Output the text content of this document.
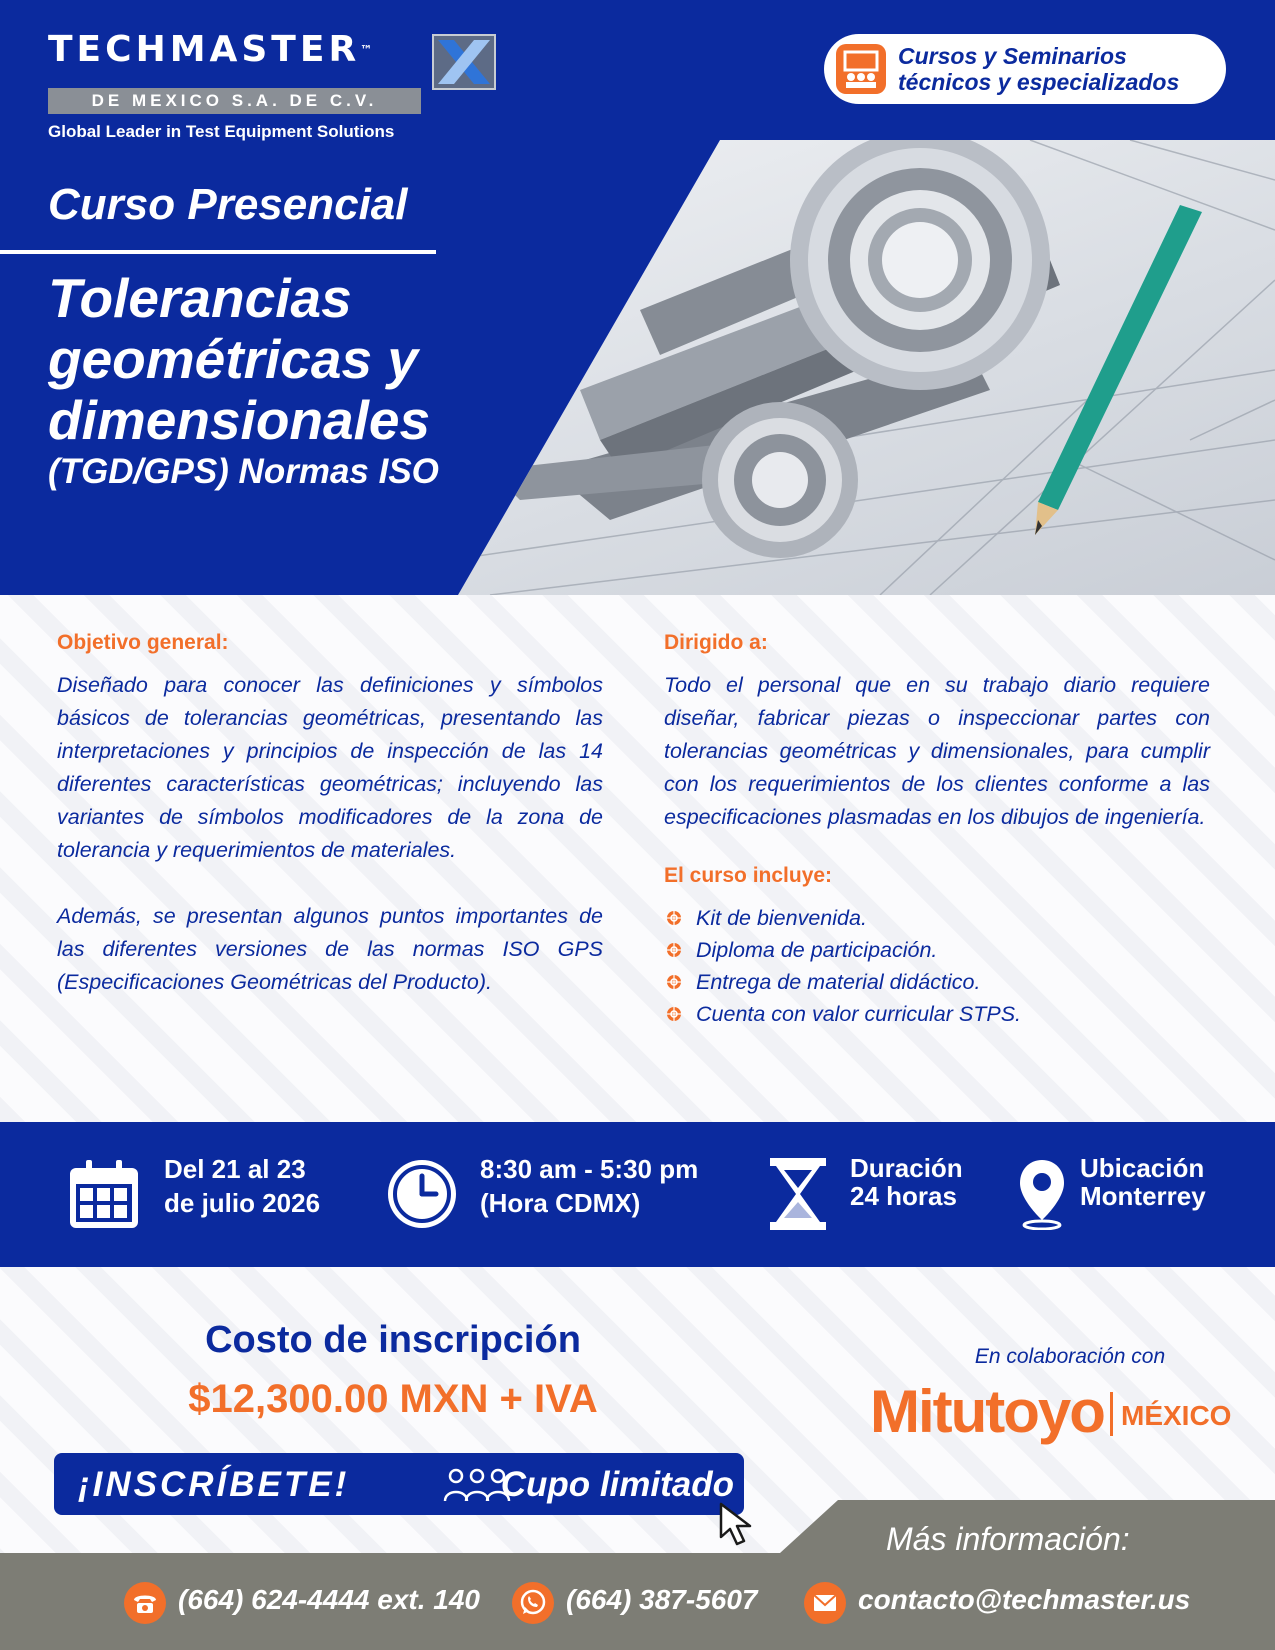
TECHMASTER™
DE MEXICO S.A. DE C.V.
Global Leader in Test Equipment Solutions
Cursos y Seminarios
técnicos y especializados
Curso Presencial
Tolerancias geométricas y dimensionales
(TGD/GPS) Normas ISO
Objetivo general:

Diseñado para conocer las definiciones y símbolos básicos de tolerancias geométricas, presentando las interpretaciones y principios de inspección de las 14 diferentes características geométricas; incluyendo las variantes de símbolos modificadores de la zona de tolerancia y requerimientos de materiales.

Además, se presentan algunos puntos importantes de las diferentes versiones de las normas ISO GPS (Especificaciones Geométricas del Producto).

Dirigido a:

Todo el personal que en su trabajo diario requiere diseñar, fabricar piezas o inspeccionar partes con tolerancias geométricas y dimensionales, para cumplir con los requerimientos de los clientes conforme a las especificaciones plasmadas en los dibujos de ingeniería.

El curso incluye:
Kit de bienvenida.
Diploma de participación.
Entrega de material didáctico.
Cuenta con valor curricular STPS.
Del 21 al 23
de julio 2026
8:30 am - 5:30 pm
(Hora CDMX)
Duración
24 horas
Ubicación
Monterrey
Costo de inscripción
$12,300.00 MXN + IVA
¡INSCRÍBETE!	Cupo limitado
En colaboración con
Mitutoyo MÉXICO
Más información:
(664) 624-4444 ext. 140	(664) 387-5607	contacto@techmaster.us
